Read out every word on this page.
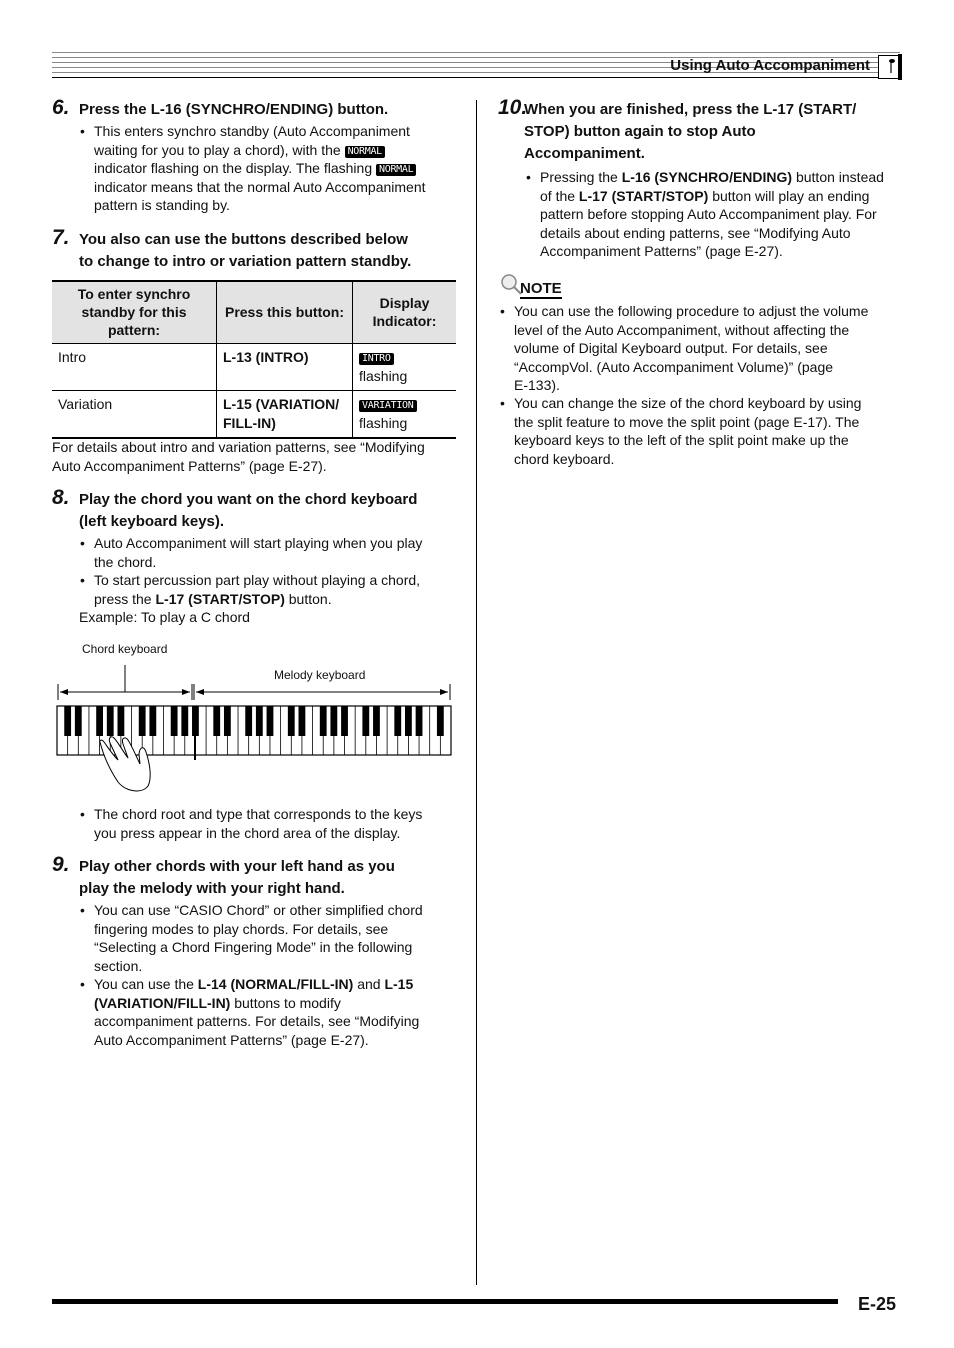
Using Auto Accompaniment
6. Press the L-16 (SYNCHRO/ENDING) button.
• This enters synchro standby (Auto Accompaniment
waiting for you to play a chord), with the NORMAL
indicator flashing on the display. The flashing NORMAL
indicator means that the normal Auto Accompaniment
pattern is standing by.
7. You also can use the buttons described below
to change to intro or variation pattern standby.
To enter synchro standby for this pattern:	Press this button:	Display Indicator:
Intro	L-13 (INTRO)	INTRO
flashing
Variation	L-15 (VARIATION/ FILL-IN)	VARIATION
flashing
For details about intro and variation patterns, see “Modifying
Auto Accompaniment Patterns” (page E-27).
8. Play the chord you want on the chord keyboard
(left keyboard keys).
• Auto Accompaniment will start playing when you play
the chord.
• To start percussion part play without playing a chord,
press the L-17 (START/STOP) button.
Example: To play a C chord
Chord keyboard
Melody keyboard
• The chord root and type that corresponds to the keys
you press appear in the chord area of the display.
9. Play other chords with your left hand as you
play the melody with your right hand.
• You can use “CASIO Chord” or other simplified chord
fingering modes to play chords. For details, see
“Selecting a Chord Fingering Mode” in the following
section.
• You can use the L-14 (NORMAL/FILL-IN) and L-15
(VARIATION/FILL-IN) buttons to modify
accompaniment patterns. For details, see “Modifying
Auto Accompaniment Patterns” (page E-27).
10.
When you are finished, press the L-17 (START/
STOP) button again to stop Auto
Accompaniment.
• Pressing the L-16 (SYNCHRO/ENDING) button instead
of the L-17 (START/STOP) button will play an ending
pattern before stopping Auto Accompaniment play. For
details about ending patterns, see “Modifying Auto
Accompaniment Patterns” (page E-27).
NOTE
• You can use the following procedure to adjust the volume
level of the Auto Accompaniment, without affecting the
volume of Digital Keyboard output. For details, see
“AccompVol. (Auto Accompaniment Volume)” (page
E-133).
• You can change the size of the chord keyboard by using
the split feature to move the split point (page E-17). The
keyboard keys to the left of the split point make up the
chord keyboard.
E-25
